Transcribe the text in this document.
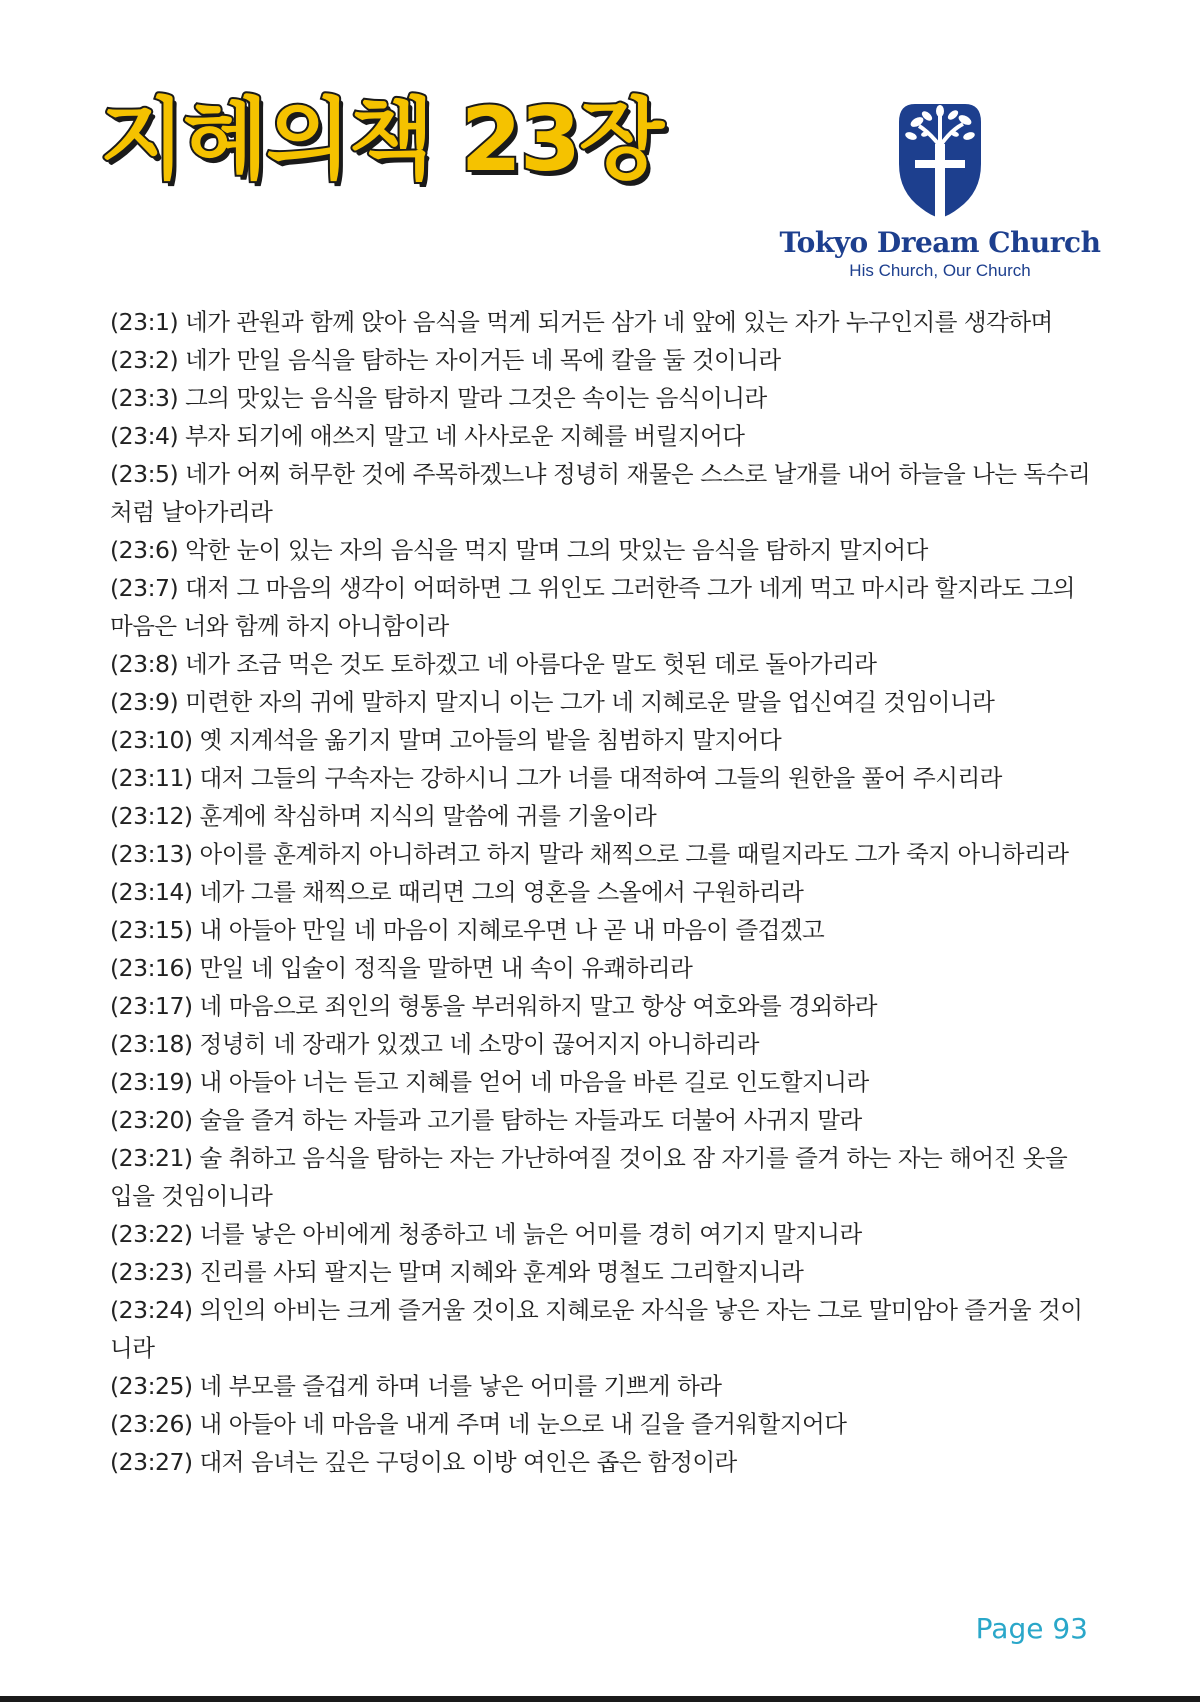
지혜의책 23장
Tokyo Dream Church
His Church, Our Church
(23:1) 네가 관원과 함께 앉아 음식을 먹게 되거든 삼가 네 앞에 있는 자가 누구인지를 생각하며
(23:2) 네가 만일 음식을 탐하는 자이거든 네 목에 칼을 둘 것이니라
(23:3) 그의 맛있는 음식을 탐하지 말라 그것은 속이는 음식이니라
(23:4) 부자 되기에 애쓰지 말고 네 사사로운 지혜를 버릴지어다
(23:5) 네가 어찌 허무한 것에 주목하겠느냐 정녕히 재물은 스스로 날개를 내어 하늘을 나는 독수리처럼 날아가리라
(23:6) 악한 눈이 있는 자의 음식을 먹지 말며 그의 맛있는 음식을 탐하지 말지어다
(23:7) 대저 그 마음의 생각이 어떠하면 그 위인도 그러한즉 그가 네게 먹고 마시라 할지라도 그의 마음은 너와 함께 하지 아니함이라
(23:8) 네가 조금 먹은 것도 토하겠고 네 아름다운 말도 헛된 데로 돌아가리라
(23:9) 미련한 자의 귀에 말하지 말지니 이는 그가 네 지혜로운 말을 업신여길 것임이니라
(23:10) 옛 지계석을 옮기지 말며 고아들의 밭을 침범하지 말지어다
(23:11) 대저 그들의 구속자는 강하시니 그가 너를 대적하여 그들의 원한을 풀어 주시리라
(23:12) 훈계에 착심하며 지식의 말씀에 귀를 기울이라
(23:13) 아이를 훈계하지 아니하려고 하지 말라 채찍으로 그를 때릴지라도 그가 죽지 아니하리라
(23:14) 네가 그를 채찍으로 때리면 그의 영혼을 스올에서 구원하리라
(23:15) 내 아들아 만일 네 마음이 지혜로우면 나 곧 내 마음이 즐겁겠고
(23:16) 만일 네 입술이 정직을 말하면 내 속이 유쾌하리라
(23:17) 네 마음으로 죄인의 형통을 부러워하지 말고 항상 여호와를 경외하라
(23:18) 정녕히 네 장래가 있겠고 네 소망이 끊어지지 아니하리라
(23:19) 내 아들아 너는 듣고 지혜를 얻어 네 마음을 바른 길로 인도할지니라
(23:20) 술을 즐겨 하는 자들과 고기를 탐하는 자들과도 더불어 사귀지 말라
(23:21) 술 취하고 음식을 탐하는 자는 가난하여질 것이요 잠 자기를 즐겨 하는 자는 해어진 옷을 입을 것임이니라
(23:22) 너를 낳은 아비에게 청종하고 네 늙은 어미를 경히 여기지 말지니라
(23:23) 진리를 사되 팔지는 말며 지혜와 훈계와 명철도 그리할지니라
(23:24) 의인의 아비는 크게 즐거울 것이요 지혜로운 자식을 낳은 자는 그로 말미암아 즐거울 것이니라
(23:25) 네 부모를 즐겁게 하며 너를 낳은 어미를 기쁘게 하라
(23:26) 내 아들아 네 마음을 내게 주며 네 눈으로 내 길을 즐거워할지어다
(23:27) 대저 음녀는 깊은 구덩이요 이방 여인은 좁은 함정이라
Page 93
